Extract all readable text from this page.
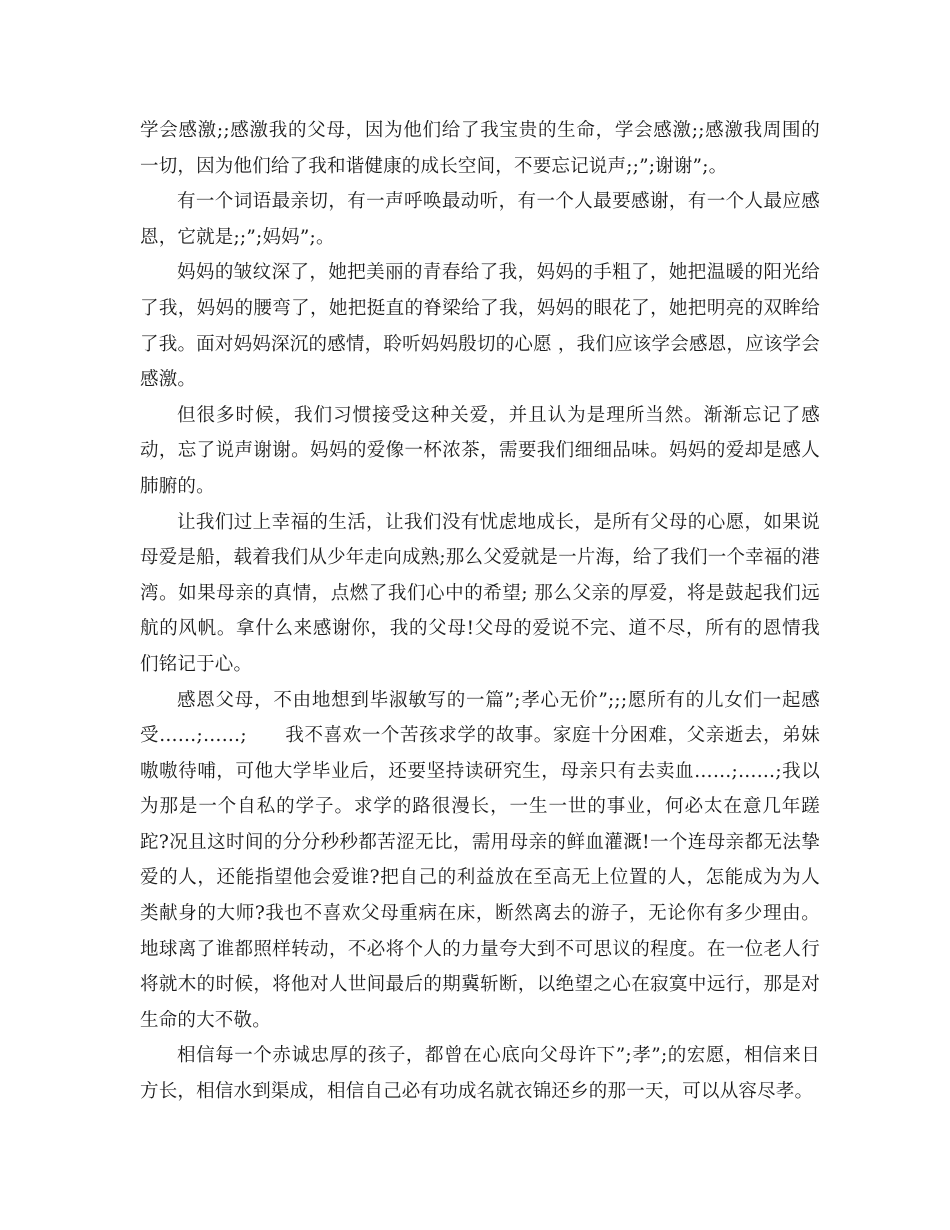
学会感激;;感激我的父母，因为他们给了我宝贵的生命，学会感激;;感激我周围的一切，因为他们给了我和谐健康的成长空间，不要忘记说声;;”;谢谢”;。

有一个词语最亲切，有一声呼唤最动听，有一个人最要感谢，有一个人最应感恩，它就是;;”;妈妈”;。

妈妈的皱纹深了，她把美丽的青春给了我，妈妈的手粗了，她把温暖的阳光给了我，妈妈的腰弯了，她把挺直的脊梁给了我，妈妈的眼花了，她把明亮的双眸给了我。面对妈妈深沉的感情，聆听妈妈殷切的心愿 ，我们应该学会感恩，应该学会感激。

但很多时候，我们习惯接受这种关爱，并且认为是理所当然。渐渐忘记了感动，忘了说声谢谢。妈妈的爱像一杯浓茶，需要我们细细品味。妈妈的爱却是感人肺腑的。

让我们过上幸福的生活，让我们没有忧虑地成长，是所有父母的心愿，如果说母爱是船，载着我们从少年走向成熟;那么父爱就是一片海，给了我们一个幸福的港湾。如果母亲的真情，点燃了我们心中的希望; 那么父亲的厚爱，将是鼓起我们远航的风帆。拿什么来感谢你，我的父母!父母的爱说不完、道不尽，所有的恩情我们铭记于心。

感恩父母，不由地想到毕淑敏写的一篇”;孝心无价”;;;愿所有的儿女们一起感受……;……;　　我不喜欢一个苦孩求学的故事。家庭十分困难，父亲逝去，弟妹嗷嗷待哺，可他大学毕业后，还要坚持读研究生，母亲只有去卖血……;……;我以为那是一个自私的学子。求学的路很漫长，一生一世的事业，何必太在意几年蹉跎?况且这时间的分分秒秒都苦涩无比，需用母亲的鲜血灌溉!一个连母亲都无法挚爱的人，还能指望他会爱谁?把自己的利益放在至高无上位置的人，怎能成为为人类献身的大师?我也不喜欢父母重病在床，断然离去的游子，无论你有多少理由。地球离了谁都照样转动，不必将个人的力量夸大到不可思议的程度。在一位老人行将就木的时候，将他对人世间最后的期冀斩断，以绝望之心在寂寞中远行，那是对生命的大不敬。

相信每一个赤诚忠厚的孩子，都曾在心底向父母许下”;孝”;的宏愿，相信来日方长，相信水到渠成，相信自己必有功成名就衣锦还乡的那一天，可以从容尽孝。
